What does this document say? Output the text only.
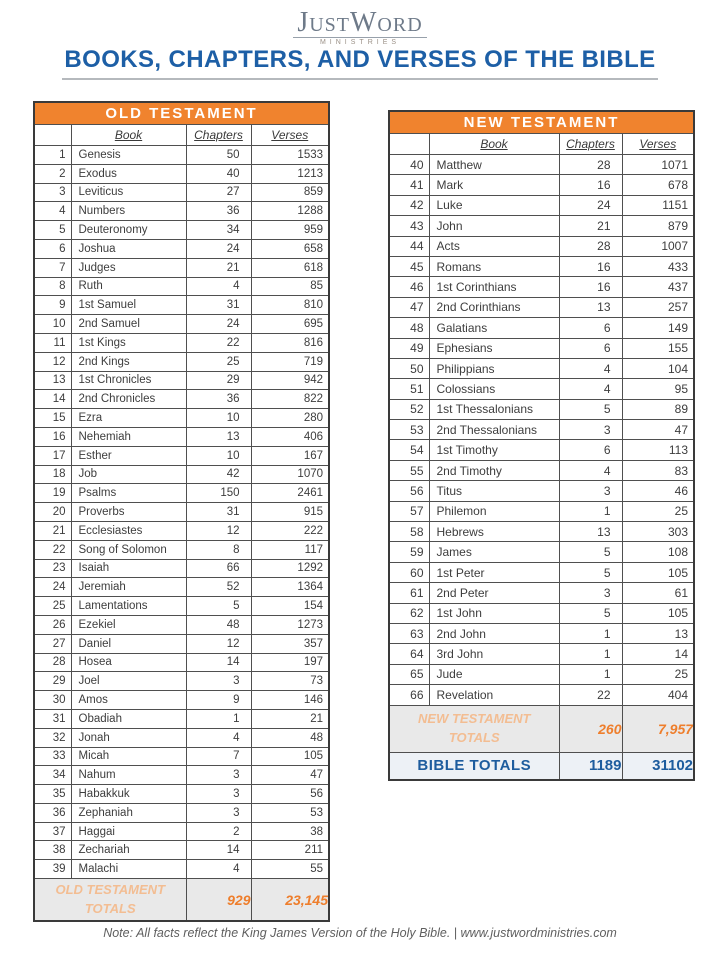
JustWord
MINISTRIES
BOOKS, CHAPTERS, AND VERSES OF THE BIBLE
OLD TESTAMENT			
	Book	Chapters	Verses
1	Genesis	50	1533
2	Exodus	40	1213
3	Leviticus	27	859
4	Numbers	36	1288
5	Deuteronomy	34	959
6	Joshua	24	658
7	Judges	21	618
8	Ruth	4	85
9	1st Samuel	31	810
10	2nd Samuel	24	695
11	1st Kings	22	816
12	2nd Kings	25	719
13	1st Chronicles	29	942
14	2nd Chronicles	36	822
15	Ezra	10	280
16	Nehemiah	13	406
17	Esther	10	167
18	Job	42	1070
19	Psalms	150	2461
20	Proverbs	31	915
21	Ecclesiastes	12	222
22	Song of Solomon	8	117
23	Isaiah	66	1292
24	Jeremiah	52	1364
25	Lamentations	5	154
26	Ezekiel	48	1273
27	Daniel	12	357
28	Hosea	14	197
29	Joel	3	73
30	Amos	9	146
31	Obadiah	1	21
32	Jonah	4	48
33	Micah	7	105
34	Nahum	3	47
35	Habakkuk	3	56
36	Zephaniah	3	53
37	Haggai	2	38
38	Zechariah	14	211
39	Malachi	4	55
OLD TESTAMENT
TOTALS		929	23,145
NEW TESTAMENT			
	Book	Chapters	Verses
40	Matthew	28	1071
41	Mark	16	678
42	Luke	24	1151
43	John	21	879
44	Acts	28	1007
45	Romans	16	433
46	1st Corinthians	16	437
47	2nd Corinthians	13	257
48	Galatians	6	149
49	Ephesians	6	155
50	Philippians	4	104
51	Colossians	4	95
52	1st Thessalonians	5	89
53	2nd Thessalonians	3	47
54	1st Timothy	6	113
55	2nd Timothy	4	83
56	Titus	3	46
57	Philemon	1	25
58	Hebrews	13	303
59	James	5	108
60	1st Peter	5	105
61	2nd Peter	3	61
62	1st John	5	105
63	2nd John	1	13
64	3rd John	1	14
65	Jude	1	25
66	Revelation	22	404
NEW TESTAMENT
TOTALS		260	7,957
BIBLE TOTALS		1189	31102
Note: All facts reflect the King James Version of the Holy Bible. | www.justwordministries.com
